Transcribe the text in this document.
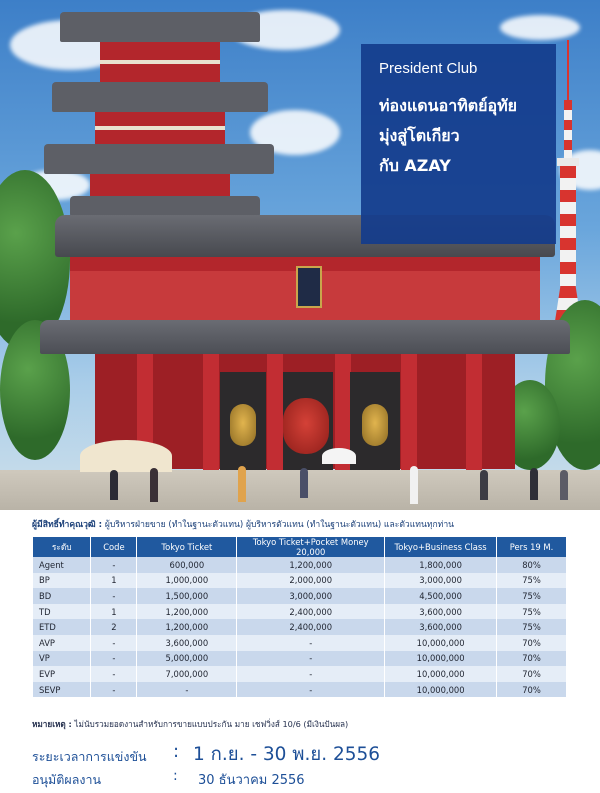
President Club
ท่องแดนอาทิตย์อุทัย
มุ่งสู่โตเกียว
กับ AZAY
ผู้มีสิทธิ์ทำคุณวุฒิ : ผู้บริหารฝ่ายขาย (ทำในฐานะตัวแทน) ผู้บริหารตัวแทน (ทำในฐานะตัวแทน) และตัวแทนทุกท่าน
ระดับ	Code	Tokyo Ticket	Tokyo Ticket+Pocket Money 20,000	Tokyo+Business Class	Pers 19 M.
Agent	-	600,000	1,200,000	1,800,000	80%
BP	1	1,000,000	2,000,000	3,000,000	75%
BD	-	1,500,000	3,000,000	4,500,000	75%
TD	1	1,200,000	2,400,000	3,600,000	75%
ETD	2	1,200,000	2,400,000	3,600,000	75%
AVP	-	3,600,000	-	10,000,000	70%
VP	-	5,000,000	-	10,000,000	70%
EVP	-	7,000,000	-	10,000,000	70%
SEVP	-	-	-	10,000,000	70%
หมายเหตุ : ไม่นับรวมยอดงานสำหรับการขายแบบประกัน มาย เชฟวิ่งส์ 10/6 (มีเงินปันผล)
ระยะเวลาการแข่งขัน : 1 ก.ย. - 30 พ.ย. 2556
อนุมัติผลงาน	: 30 ธันวาคม 2556
